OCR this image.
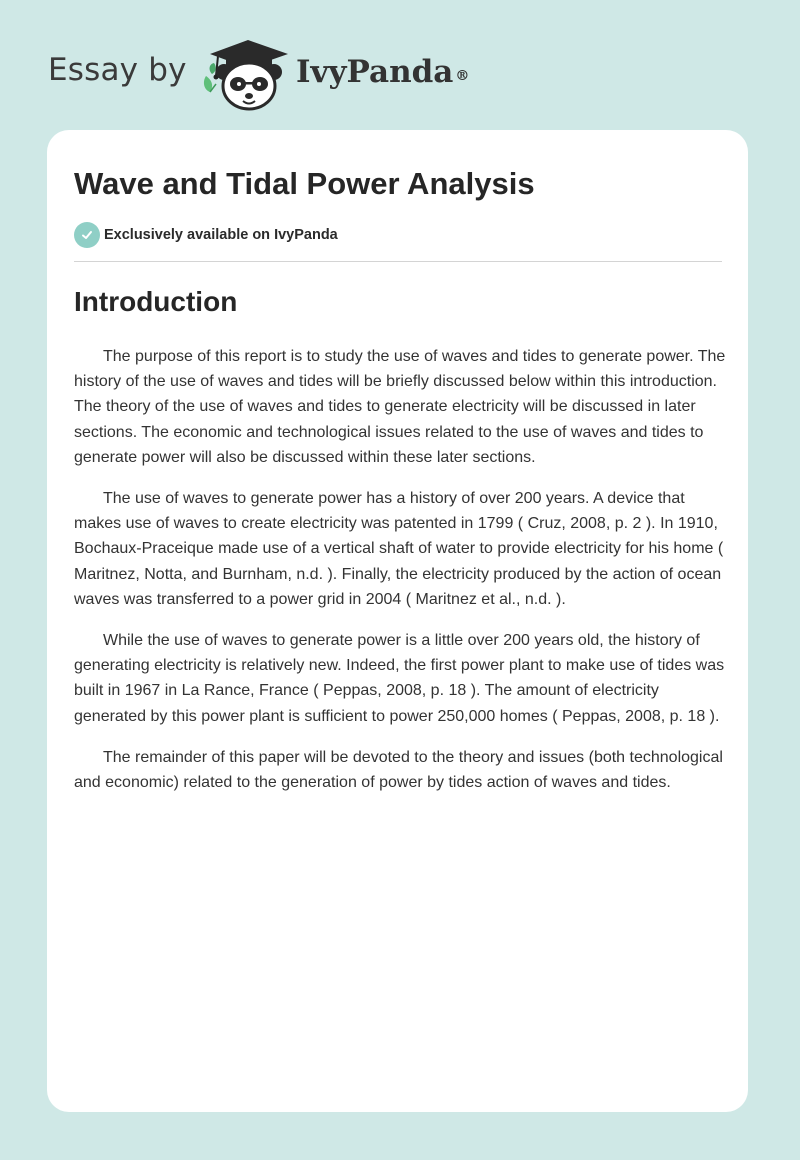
Essay by	IvyPanda ®
Wave and Tidal Power Analysis
Exclusively available on IvyPanda
Introduction

The purpose of this report is to study the use of waves and tides to generate power. The history of the use of waves and tides will be briefly discussed below within this introduction. The theory of the use of waves and tides to generate electricity will be discussed in later sections. The economic and technological issues related to the use of waves and tides to generate power will also be discussed within these later sections.

The use of waves to generate power has a history of over 200 years. A device that makes use of waves to create electricity was patented in 1799 ( Cruz, 2008, p. 2 ). In 1910, Bochaux-Praceique made use of a vertical shaft of water to provide electricity for his home ( Maritnez, Notta, and Burnham, n.d. ). Finally, the electricity produced by the action of ocean waves was transferred to a power grid in 2004 ( Maritnez et al., n.d. ).

While the use of waves to generate power is a little over 200 years old, the history of generating electricity is relatively new. Indeed, the first power plant to make use of tides was built in 1967 in La Rance, France ( Peppas, 2008, p. 18 ). The amount of electricity generated by this power plant is sufficient to power 250,000 homes ( Peppas, 2008, p. 18 ).

The remainder of this paper will be devoted to the theory and issues (both technological and economic) related to the generation of power by tides action of waves and tides.
